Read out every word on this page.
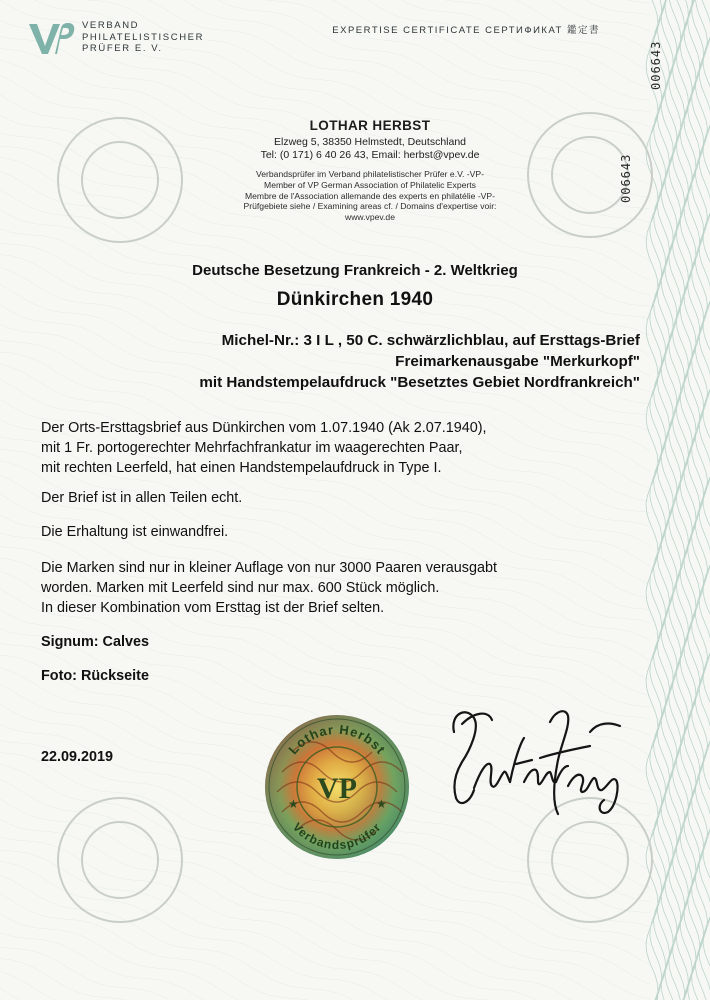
VERBAND
PHILATELISTISCHER
PRÜFER E. V.
EXPERTISE CERTIFICATE СЕРТИФИКАТ 鑑定書
006643
006643
LOTHAR HERBST
Elzweg 5, 38350 Helmstedt, Deutschland
Tel: (0 171) 6 40 26 43, Email: herbst@vpev.de
Verbandsprüfer im Verband philatelistischer Prüfer e.V. -VP-
Member of VP German Association of Philatelic Experts
Membre de l'Association allemande des experts en philatélie -VP-
Prüfgebiete siehe / Examining areas cf. / Domains d'expertise voir:
www.vpev.de
Deutsche Besetzung Frankreich - 2. Weltkrieg
Dünkirchen 1940
Michel-Nr.: 3 I L , 50 C. schwärzlichblau, auf Ersttags-Brief
Freimarkenausgabe "Merkurkopf"
mit Handstempelaufdruck "Besetztes Gebiet Nordfrankreich"
Der Orts-Ersttagsbrief aus Dünkirchen vom 1.07.1940 (Ak 2.07.1940),
mit 1 Fr. portogerechter Mehrfachfrankatur im waagerechten Paar,
mit rechten Leerfeld, hat einen Handstempelaufdruck in Type I.
Der Brief ist in allen Teilen echt.
Die Erhaltung ist einwandfrei.
Die Marken sind nur in kleiner Auflage von nur 3000 Paaren verausgabt
worden. Marken mit Leerfeld sind nur max. 600 Stück möglich.
In dieser Kombination vom Ersttag ist der Brief selten.
Signum: Calves
Foto: Rückseite
22.09.2019	Lothar Herbst
Verbandsprüfer
VP
★	★
